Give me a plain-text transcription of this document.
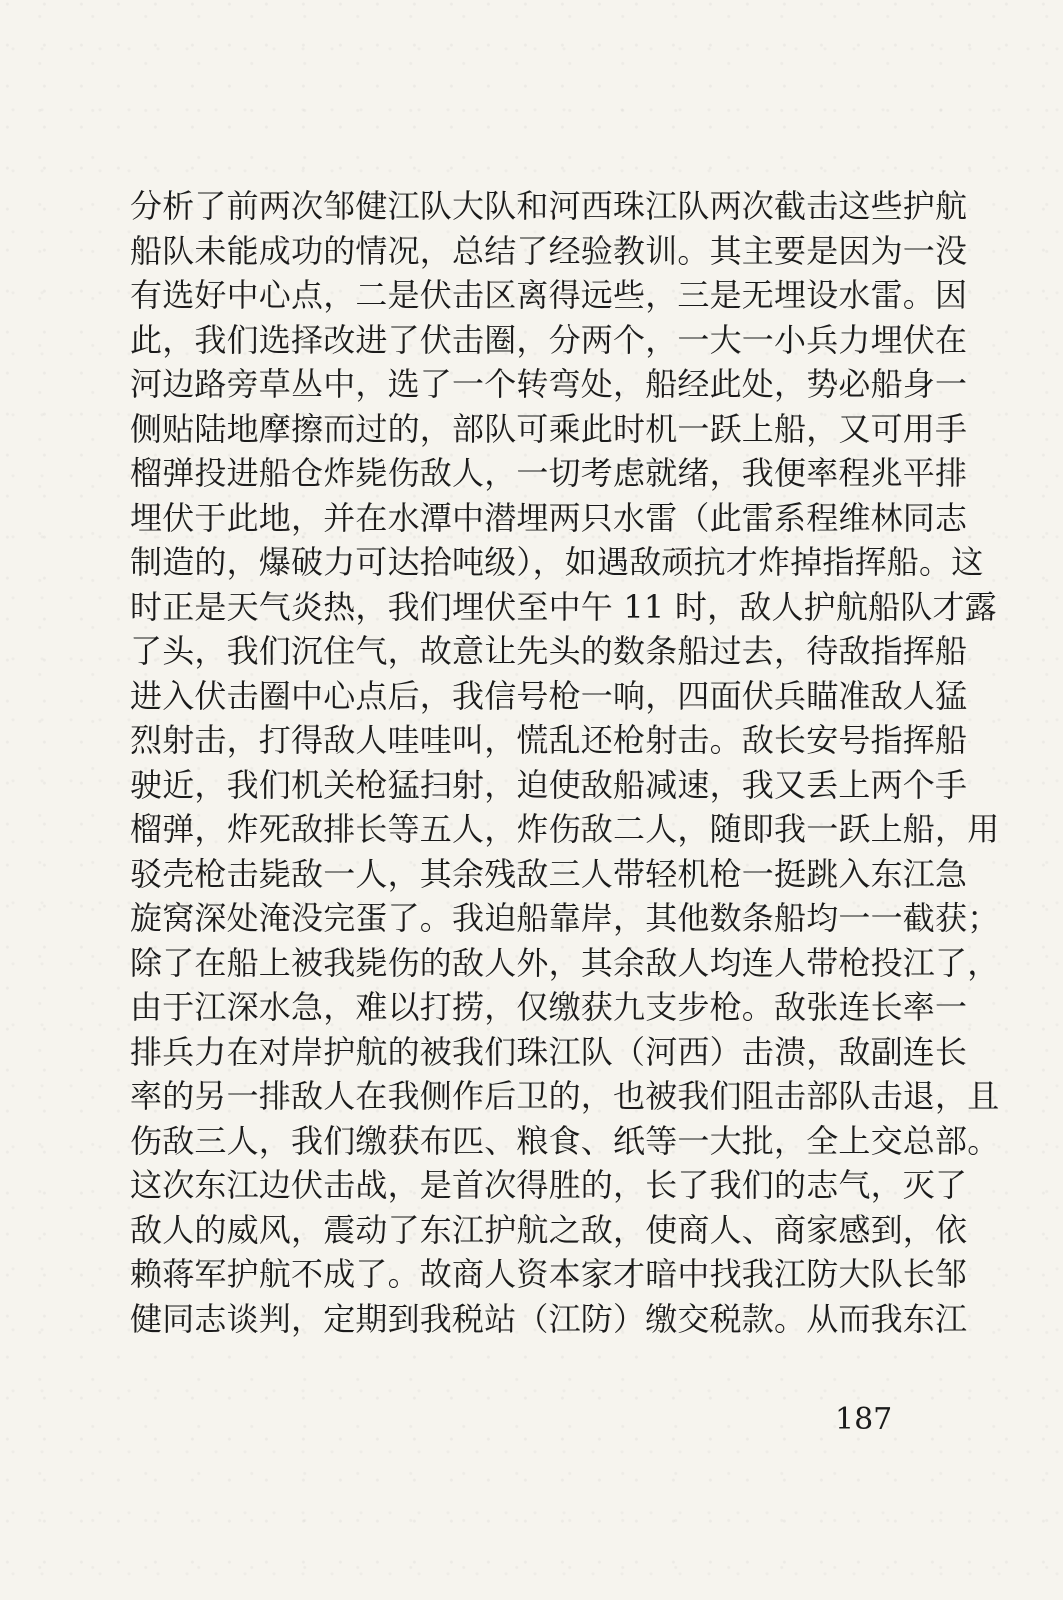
分析了前两次邹健江队大队和河西珠江队两次截击这些护航
船队未能成功的情况，总结了经验教训。其主要是因为一没
有选好中心点，二是伏击区离得远些，三是无埋设水雷。因
此，我们选择改进了伏击圈，分两个，一大一小兵力埋伏在
河边路旁草丛中，选了一个转弯处，船经此处，势必船身一
侧贴陆地摩擦而过的，部队可乘此时机一跃上船，又可用手
榴弹投进船仓炸毙伤敌人，一切考虑就绪，我便率程兆平排
埋伏于此地，并在水潭中潜埋两只水雷（此雷系程维林同志
制造的，爆破力可达拾吨级），如遇敌顽抗才炸掉指挥船。这
时正是天气炎热，我们埋伏至中午 11 时，敌人护航船队才露
了头，我们沉住气，故意让先头的数条船过去，待敌指挥船
进入伏击圈中心点后，我信号枪一响，四面伏兵瞄准敌人猛
烈射击，打得敌人哇哇叫，慌乱还枪射击。敌长安号指挥船
驶近，我们机关枪猛扫射，迫使敌船减速，我又丢上两个手
榴弹，炸死敌排长等五人，炸伤敌二人，随即我一跃上船，用
驳壳枪击毙敌一人，其余残敌三人带轻机枪一挺跳入东江急
旋窝深处淹没完蛋了。我迫船靠岸，其他数条船均一一截获；
除了在船上被我毙伤的敌人外，其余敌人均连人带枪投江了，
由于江深水急，难以打捞，仅缴获九支步枪。敌张连长率一
排兵力在对岸护航的被我们珠江队（河西）击溃，敌副连长
率的另一排敌人在我侧作后卫的，也被我们阻击部队击退，且
伤敌三人，我们缴获布匹、粮食、纸等一大批，全上交总部。
这次东江边伏击战，是首次得胜的，长了我们的志气，灭了
敌人的威风，震动了东江护航之敌，使商人、商家感到，依
赖蒋军护航不成了。故商人资本家才暗中找我江防大队长邹
健同志谈判，定期到我税站（江防）缴交税款。从而我东江
187
